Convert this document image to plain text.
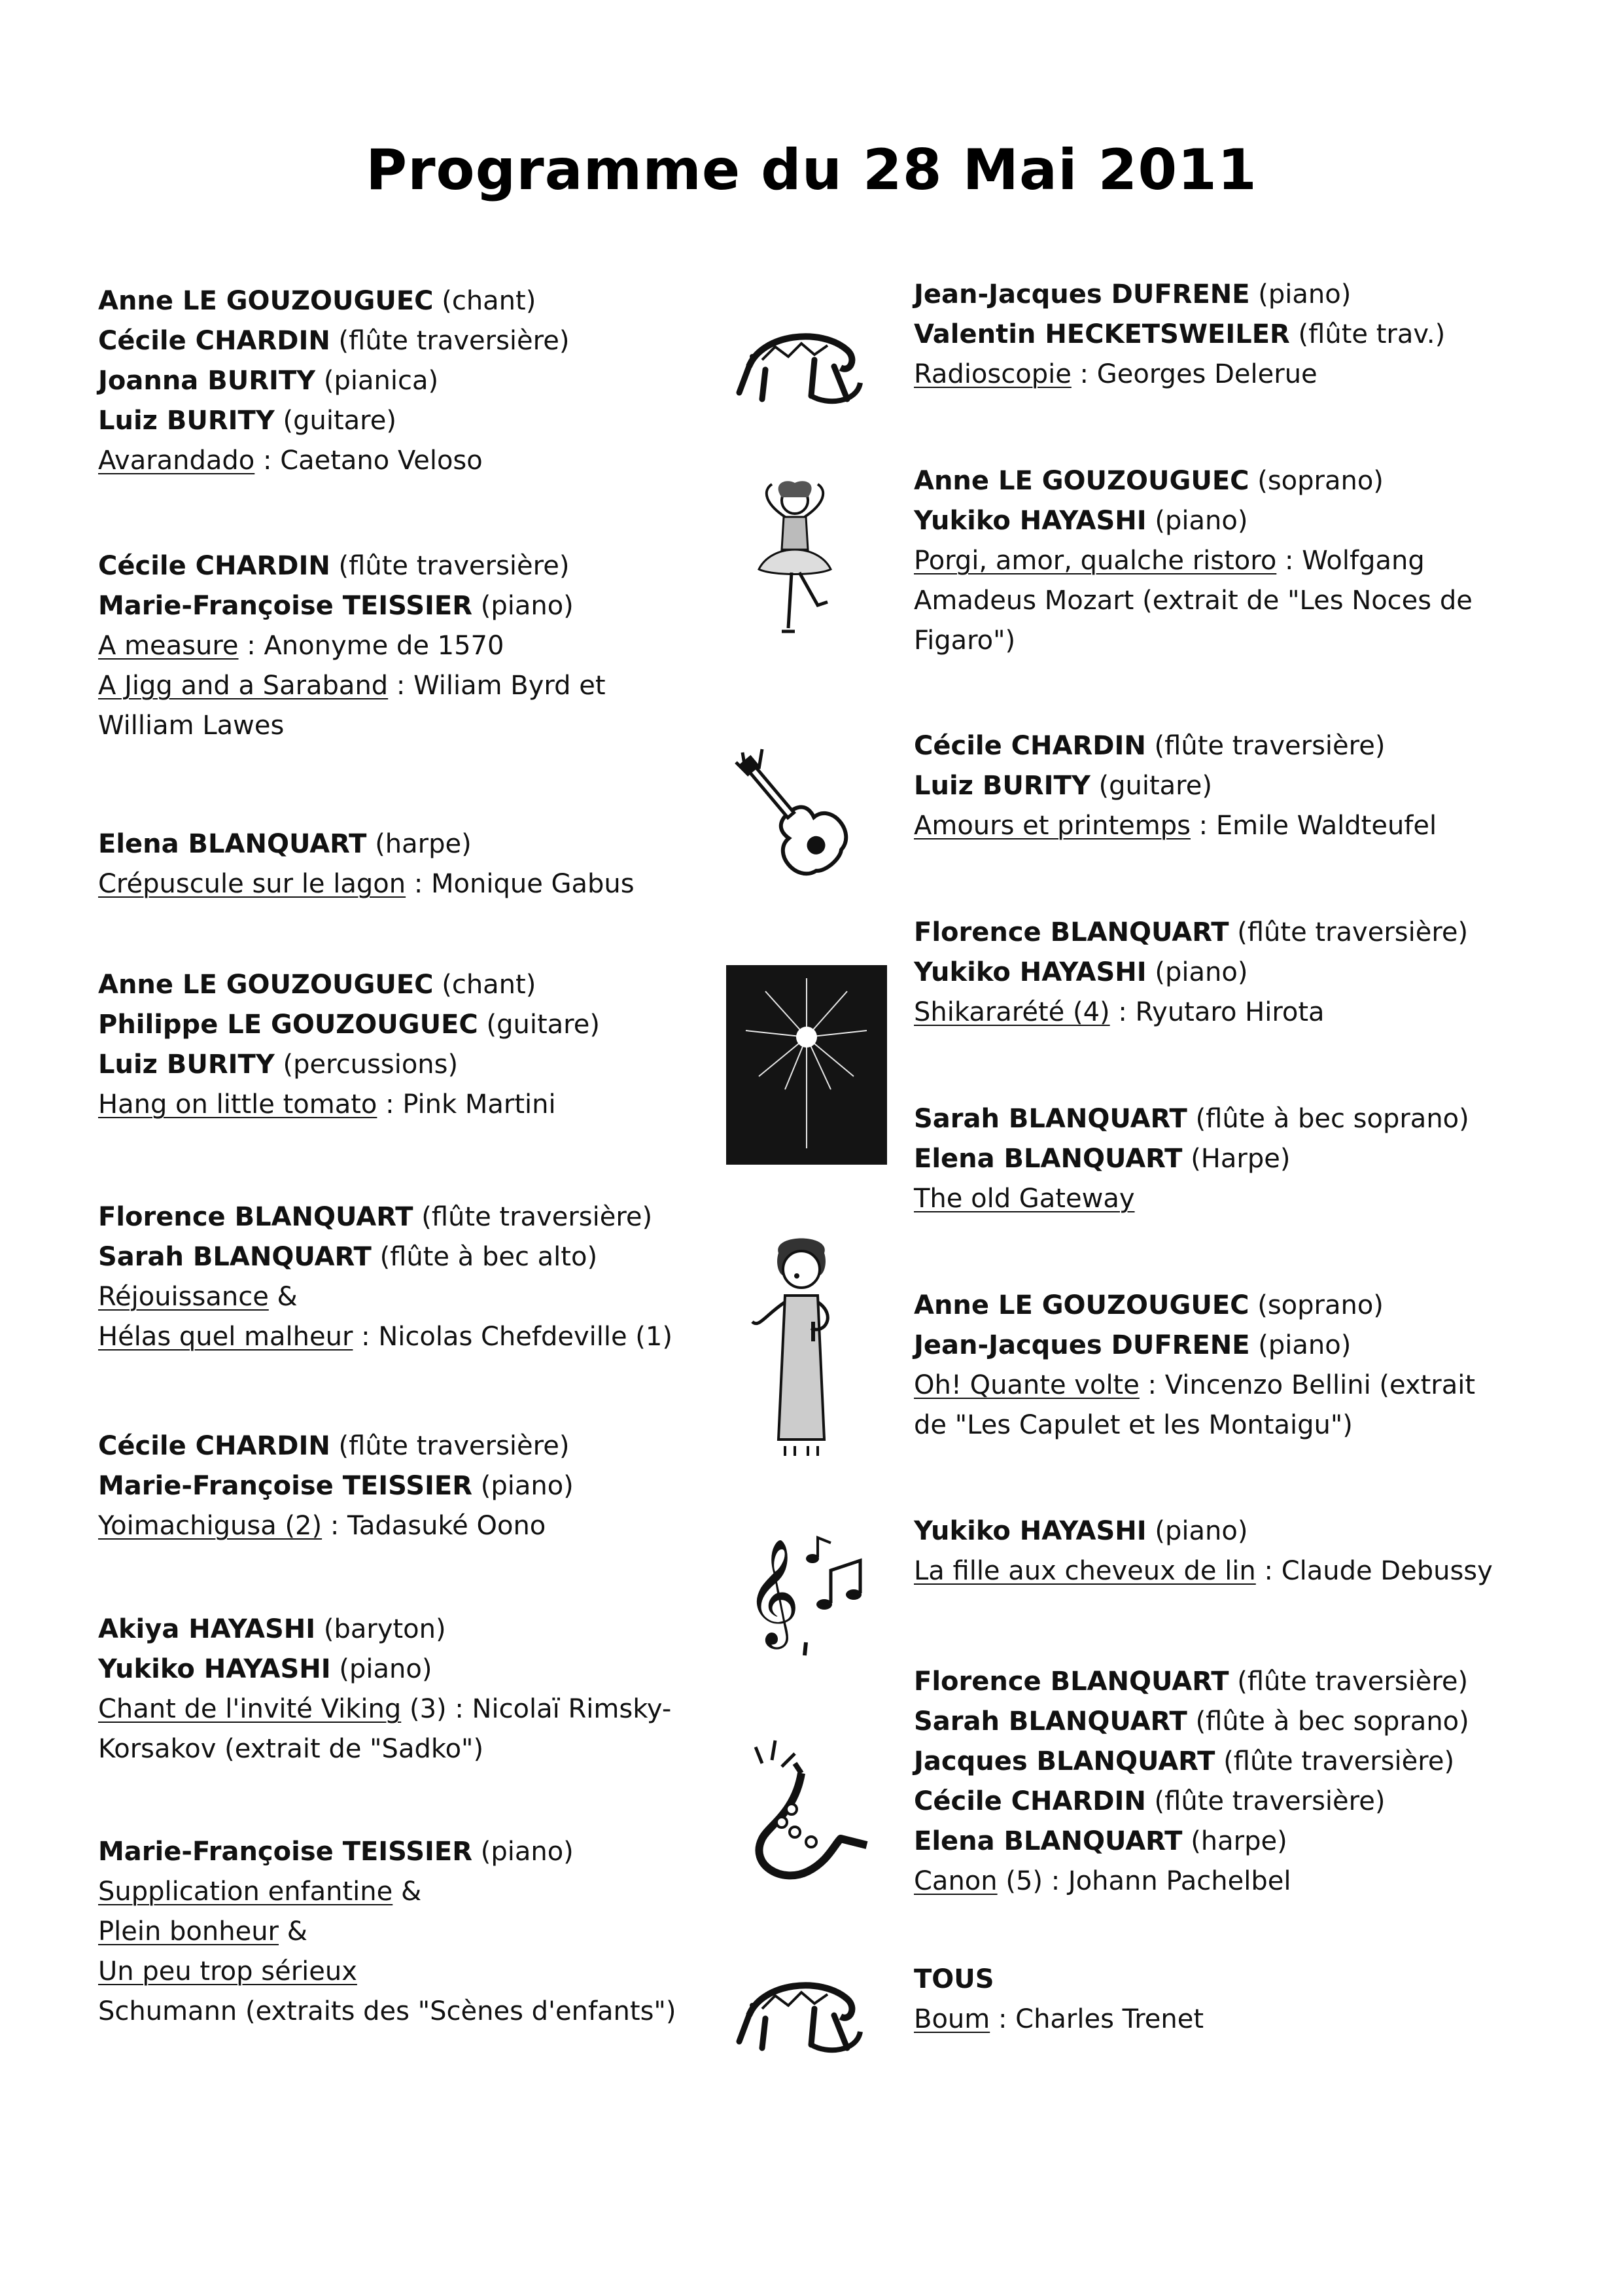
Programme du 28 Mai 2011
Anne LE GOUZOUGUEC (chant)
Cécile CHARDIN (flûte traversière)
Joanna BURITY (pianica)
Luiz BURITY (guitare)
Avarandado : Caetano Veloso
Cécile CHARDIN (flûte traversière)
Marie-Françoise TEISSIER (piano)
A measure : Anonyme de 1570
A Jigg and a Saraband : Wiliam Byrd et
William Lawes
Elena BLANQUART (harpe)
Crépuscule sur le lagon : Monique Gabus
Anne LE GOUZOUGUEC (chant)
Philippe LE GOUZOUGUEC (guitare)
Luiz BURITY (percussions)
Hang on little tomato : Pink Martini
Florence BLANQUART (flûte traversière)
Sarah BLANQUART (flûte à bec alto)
Réjouissance &
Hélas quel malheur : Nicolas Chefdeville (1)
Cécile CHARDIN (flûte traversière)
Marie-Françoise TEISSIER (piano)
Yoimachigusa (2) : Tadasuké Oono
Akiya HAYASHI (baryton)
Yukiko HAYASHI (piano)
Chant de l'invité Viking (3) : Nicolaï Rimsky-
Korsakov (extrait de "Sadko")
Marie-Françoise TEISSIER (piano)
Supplication enfantine &
Plein bonheur &
Un peu trop sérieux
Schumann (extraits des "Scènes d'enfants")
Jean-Jacques DUFRENE (piano)
Valentin HECKETSWEILER (flûte trav.)
Radioscopie : Georges Delerue
Anne LE GOUZOUGUEC (soprano)
Yukiko HAYASHI (piano)
Porgi, amor, qualche ristoro : Wolfgang
Amadeus Mozart (extrait de "Les Noces de
Figaro")
Cécile CHARDIN (flûte traversière)
Luiz BURITY (guitare)
Amours et printemps : Emile Waldteufel
Florence BLANQUART (flûte traversière)
Yukiko HAYASHI (piano)
Shikararété (4) : Ryutaro Hirota
Sarah BLANQUART (flûte à bec soprano)
Elena BLANQUART (Harpe)
The old Gateway
Anne LE GOUZOUGUEC (soprano)
Jean-Jacques DUFRENE (piano)
Oh! Quante volte : Vincenzo Bellini (extrait
de "Les Capulet et les Montaigu")
Yukiko HAYASHI (piano)
La fille aux cheveux de lin : Claude Debussy
Florence BLANQUART (flûte traversière)
Sarah BLANQUART (flûte à bec soprano)
Jacques BLANQUART (flûte traversière)
Cécile CHARDIN (flûte traversière)
Elena BLANQUART (harpe)
Canon (5) : Johann Pachelbel
TOUS
Boum : Charles Trenet
𝄞
